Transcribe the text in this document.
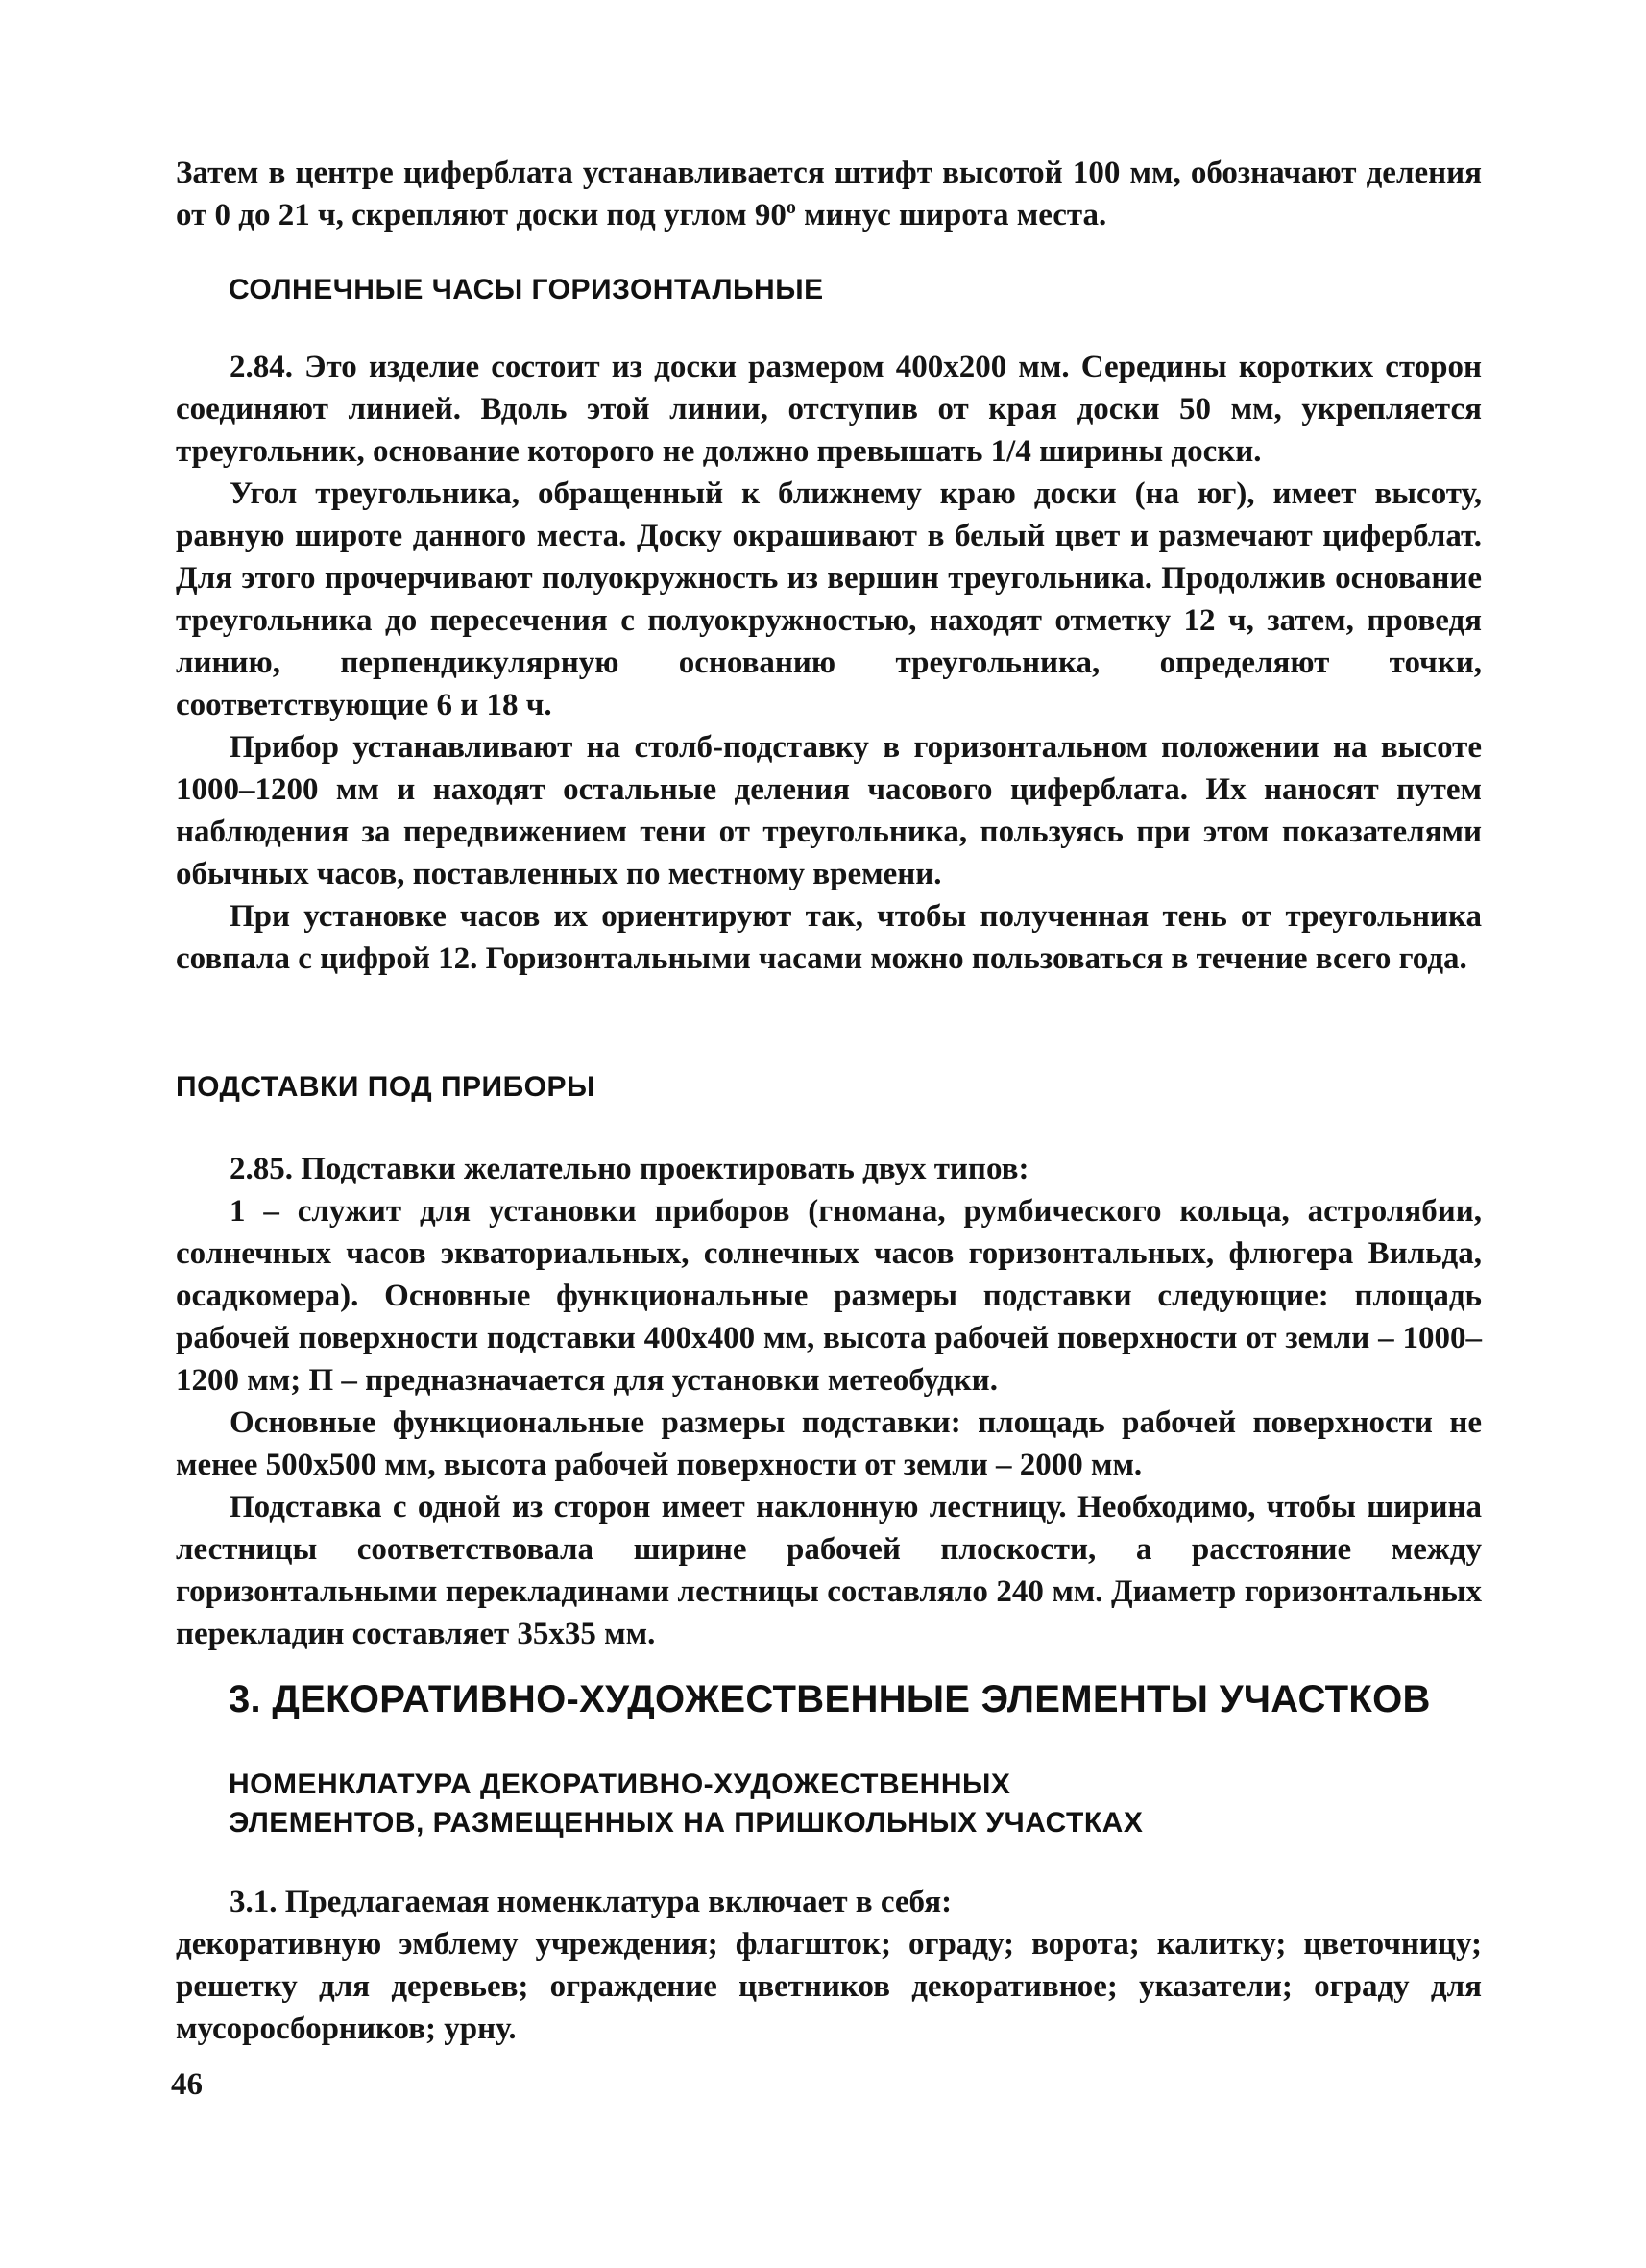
Затем в центре циферблата устанавливается штифт высотой 100 мм, обозначают деления от 0 до 21 ч, скрепляют доски под углом $90^о$ минус широта места.

СОЛНЕЧНЫЕ ЧАСЫ ГОРИЗОНТАЛЬНЫЕ

2.84. Это изделие состоит из доски размером 400х200 мм. Середины коротких сторон соединяют линией. Вдоль этой линии, отступив от края доски 50 мм, укрепляется треугольник, основание которого не должно превышать 1/4 ширины доски.

Угол треугольника, обращенный к ближнему краю доски (на юг), имеет высоту, равную широте данного места. Доску окрашивают в белый цвет и размечают циферблат. Для этого прочерчивают полуокружность из вершин треугольника. Продолжив основание треугольника до пересечения с полуокружностью, находят отметку 12 ч, затем, проведя линию, перпендикулярную основанию треугольника, определяют точки, соответствующие 6 и 18 ч.

Прибор устанавливают на столб-подставку в горизонтальном положении на высоте 1000–1200 мм и находят остальные деления часового циферблата. Их наносят путем наблюдения за передвижением тени от треугольника, пользуясь при этом показателями обычных часов, поставленных по местному времени.

При установке часов их ориентируют так, чтобы полученная тень от треугольника совпала с цифрой 12. Горизонтальными часами можно пользоваться в течение всего года.

ПОДСТАВКИ ПОД ПРИБОРЫ

2.85. Подставки желательно проектировать двух типов:

1 – служит для установки приборов (гномана, румбического кольца, астролябии, солнечных часов экваториальных, солнечных часов горизонтальных, флюгера Вильда, осадкомера). Основные функциональные размеры подставки следующие: площадь рабочей поверхности подставки 400х400 мм, высота рабочей поверхности от земли – 1000–1200 мм; П – предназначается для установки метеобудки.

Основные функциональные размеры подставки: площадь рабочей поверхности не менее 500х500 мм, высота рабочей поверхности от земли – 2000 мм.

Подставка с одной из сторон имеет наклонную лестницу. Необходимо, чтобы ширина лестницы соответствовала ширине рабочей плоскости, а расстояние между горизонтальными перекладинами лестницы составляло 240 мм. Диаметр горизонтальных перекладин составляет 35х35 мм.

3. ДЕКОРАТИВНО-ХУДОЖЕСТВЕННЫЕ ЭЛЕМЕНТЫ УЧАСТКОВ
НОМЕНКЛАТУРА ДЕКОРАТИВНО-ХУДОЖЕСТВЕННЫХ
ЭЛЕМЕНТОВ, РАЗМЕЩЕННЫХ НА ПРИШКОЛЬНЫХ УЧАСТКАХ

3.1. Предлагаемая номенклатура включает в себя:

декоративную эмблему учреждения; флагшток; ограду; ворота; калитку; цветочницу; решетку для деревьев; ограждение цветников декоративное; указатели; ограду для мусоросборников; урну.

46
